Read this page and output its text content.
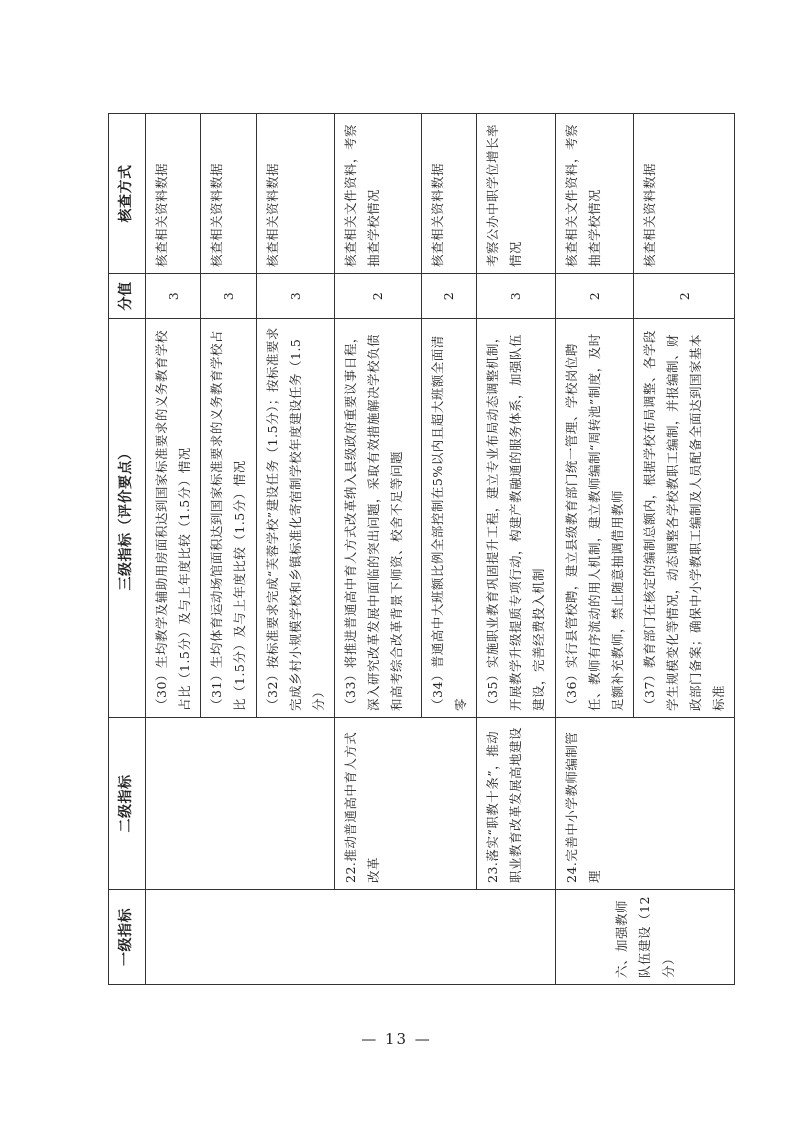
一级指标	二级指标	三级指标（评价要点）	分值	核查方式
		（30）生均教学及辅助用房面积达到国家标准要求的义务教育学校占比（1.5分）及与上年度比较（1.5分）情况	3	核查相关资料数据
		（31）生均体育运动场馆面积达到国家标准要求的义务教育学校占比（1.5分）及与上年度比较（1.5分）情况	3	核查相关资料数据
		（32）按标准要求完成“芙蓉学校”建设任务（1.5分）；按标准要求完成乡村小规模学校和乡镇标准化寄宿制学校年度建设任务（1.5分）	3	核查相关资料数据
	22.推动普通高中育人方式改革	（33）将推进普通高中育人方式改革纳入县级政府重要议事日程，深入研究改革发展中面临的突出问题，采取有效措施解决学校负债和高考综合改革背景下师资、校舍不足等问题	2	核查相关文件资料，考察抽查学校情况
		（34）普通高中大班额比例全部控制在5%以内且超大班额全面清零	2	核查相关资料数据
	23.落实“职教十条”，推动职业教育改革发展高地建设	（35）实施职业教育巩固提升工程，建立专业布局动态调整机制，开展教学升级提质专项行动，构建产教融通的服务体系，加强队伍建设，完善经费投入机制	3	考察公办中职学位增长率情况
六、加强教师队伍建设（12分）	24.完善中小学教师编制管理	（36）实行县管校聘，建立县级教育部门统一管理、学校岗位聘任、教师有序流动的用人机制，建立教师编制“周转池”制度，及时足额补充教师，禁止随意抽调借用教师	2	核查相关文件资料，考察抽查学校情况
		（37）教育部门在核定的编制总额内，根据学校布局调整、各学段学生规模变化等情况，动态调整各学校教职工编制，并报编制、财政部门备案；确保中小学教职工编制及人员配备全面达到国家基本标准	2	核查相关资料数据
— 13 —
